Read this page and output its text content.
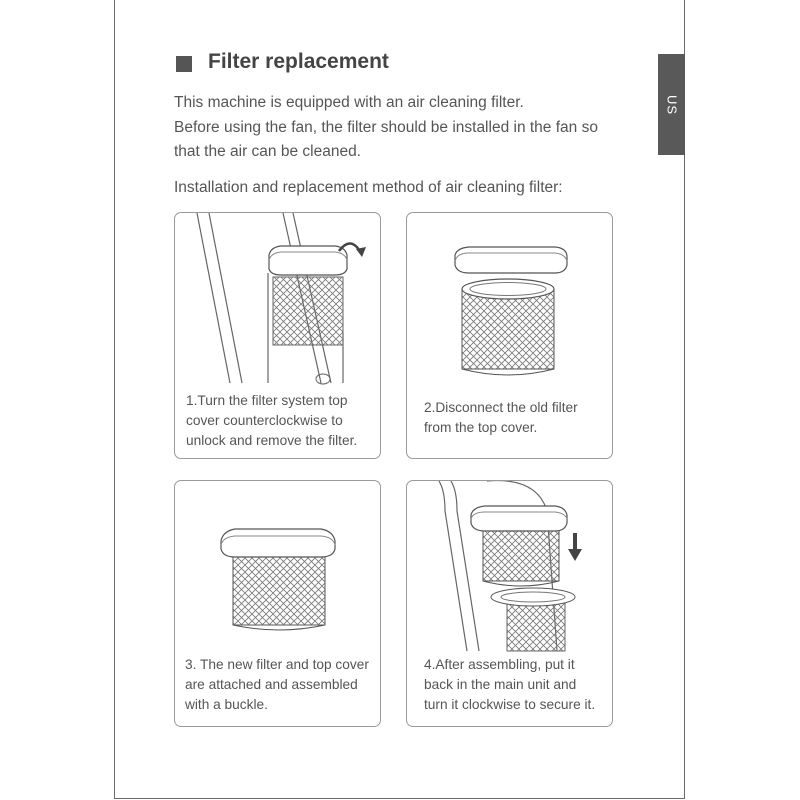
US
Filter replacement
This machine is equipped with an air cleaning filter.
Before using the fan, the filter should be installed in the fan so
that the air can be cleaned.
Installation and replacement method of air cleaning filter:
1.Turn the filter system top
cover counterclockwise to
unlock and remove the filter.
2.Disconnect the old filter
from the top cover.
3. The new filter and top cover
are attached and assembled
with a buckle.
4.After assembling, put it
back in the main unit and
turn it clockwise to secure it.
